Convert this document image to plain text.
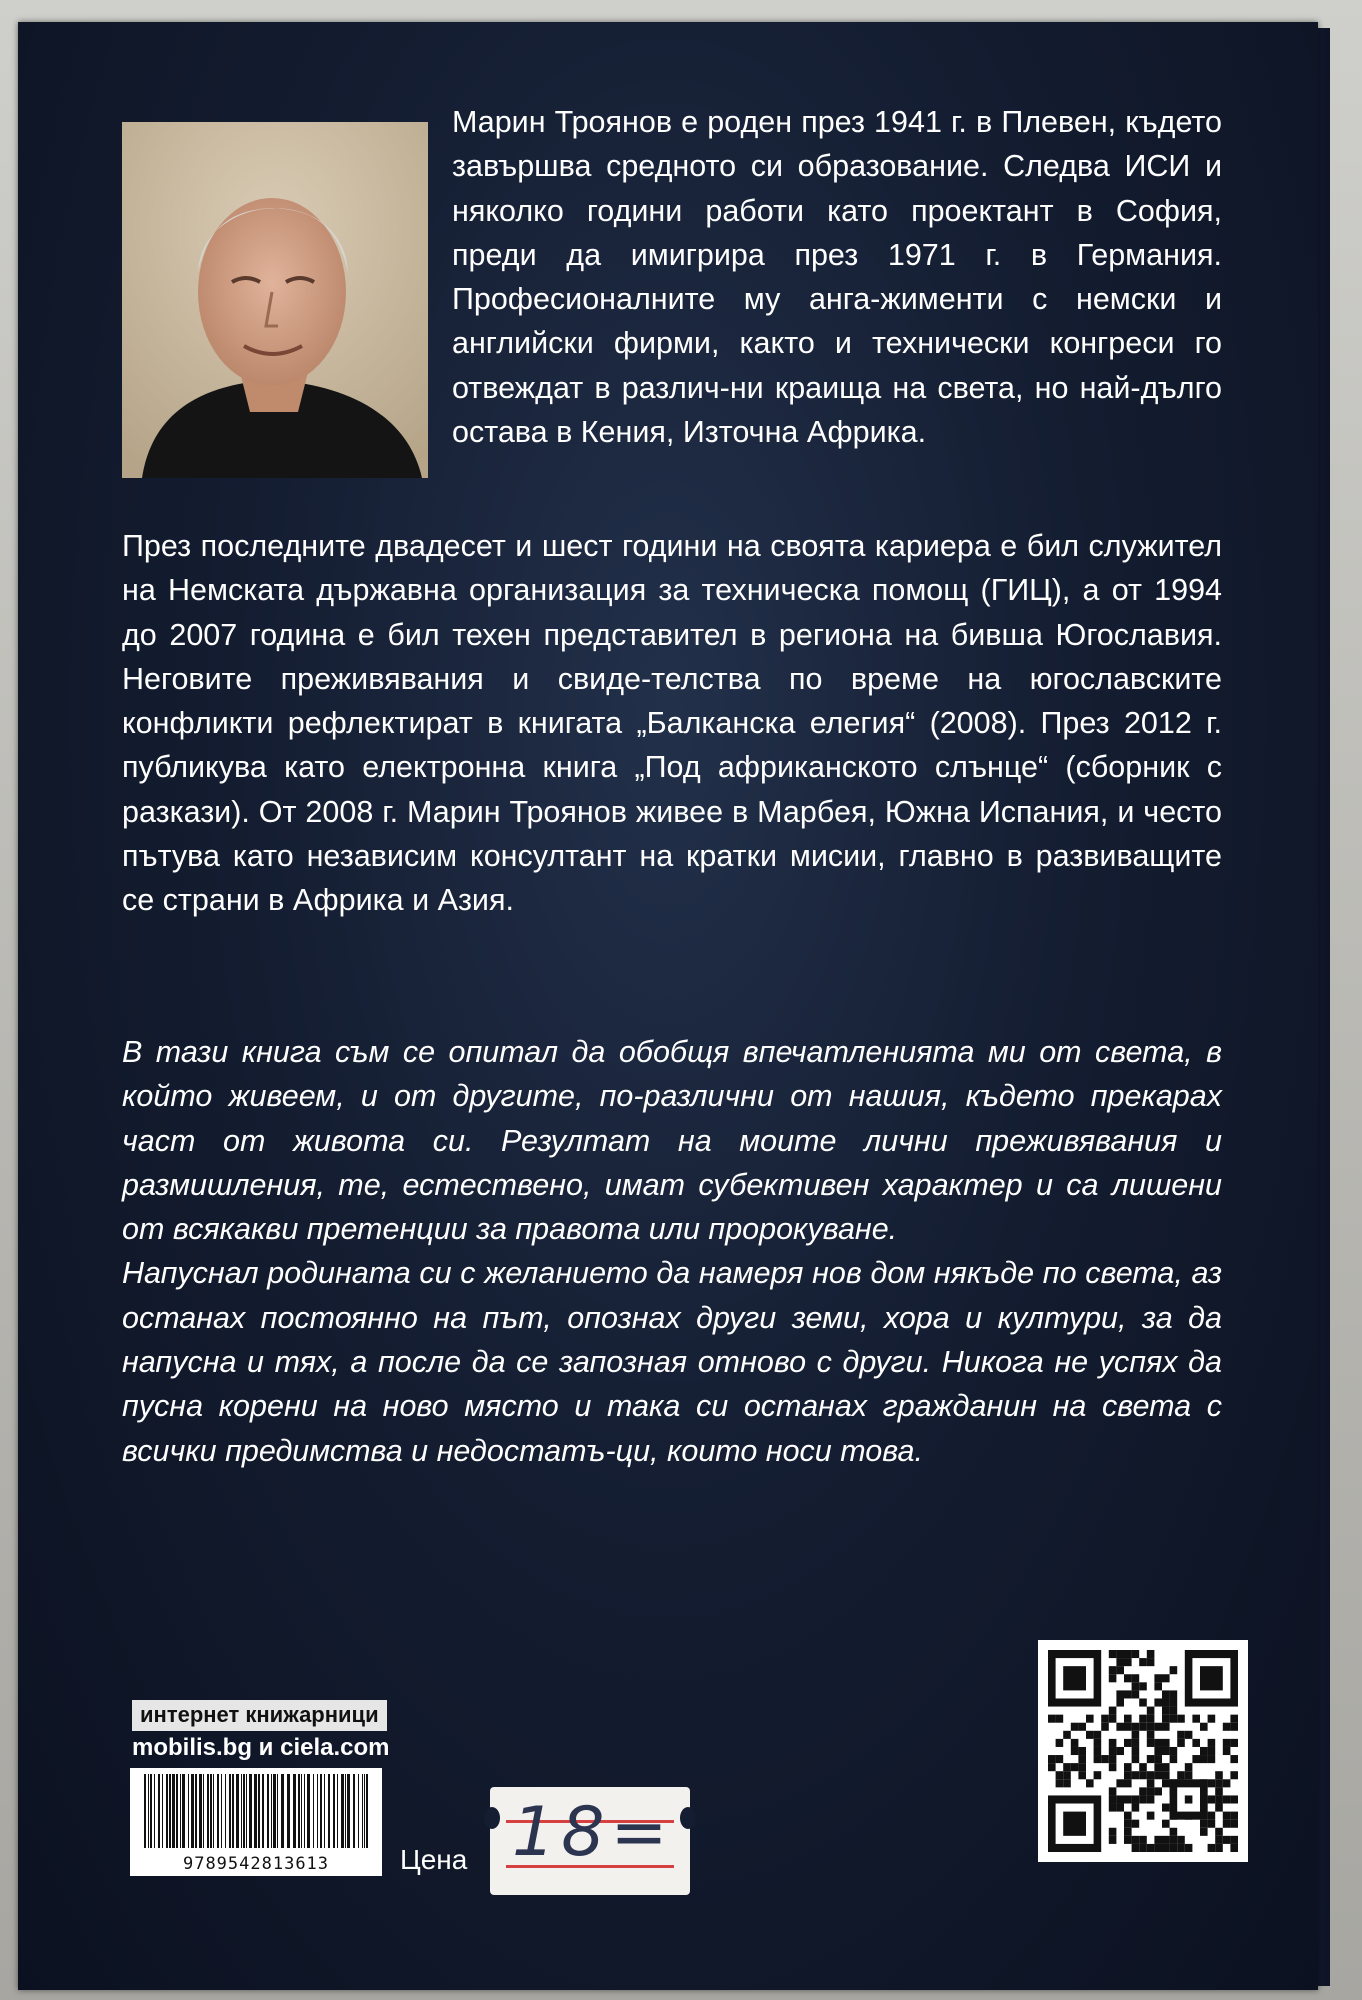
Марин Троянов е роден през 1941 г. в Плевен, където завършва средното си образование. Следва ИСИ и няколко години работи като проектант в София, преди да имигрира през 1971 г. в Германия. Професионалните му анга-жименти с немски и английски фирми, както и технически конгреси го отвеждат в различ-ни краища на света, но най-дълго остава в Кения, Източна Африка.

През последните двадесет и шест години на своята кариера е бил служител на Немската държавна организация за техническа помощ (ГИЦ), а от 1994 до 2007 година е бил техен представител в региона на бивша Югославия. Неговите преживявания и свиде-телства по време на югославските конфликти рефлектират в книгата „Балканска елегия“ (2008). През 2012 г. публикува като електронна книга „Под африканското слънце“ (сборник с разкази). От 2008 г. Марин Троянов живее в Марбея, Южна Испания, и често пътува като независим консултант на кратки мисии, главно в развиващите се страни в Африка и Азия.

В тази книга съм се опитал да обобщя впечатленията ми от света, в който живеем, и от другите, по-различни от нашия, където прекарах част от живота си. Резултат на моите лични преживявания и размишления, те, естествено, имат субективен характер и са лишени от всякакви претенции за правота или пророкуване.

Напуснал родината си с желанието да намеря нов дом някъде по света, аз останах постоянно на път, опознах други земи, хора и култури, за да напусна и тях, а после да се запозная отново с други. Никога не успях да пусна корени на ново място и така си останах гражданин на света с всички предимства и недостатъ-ци, които носи това.

интернет книжарници
mobilis.bg и ciela.com
9789542813613	Цена 18=
